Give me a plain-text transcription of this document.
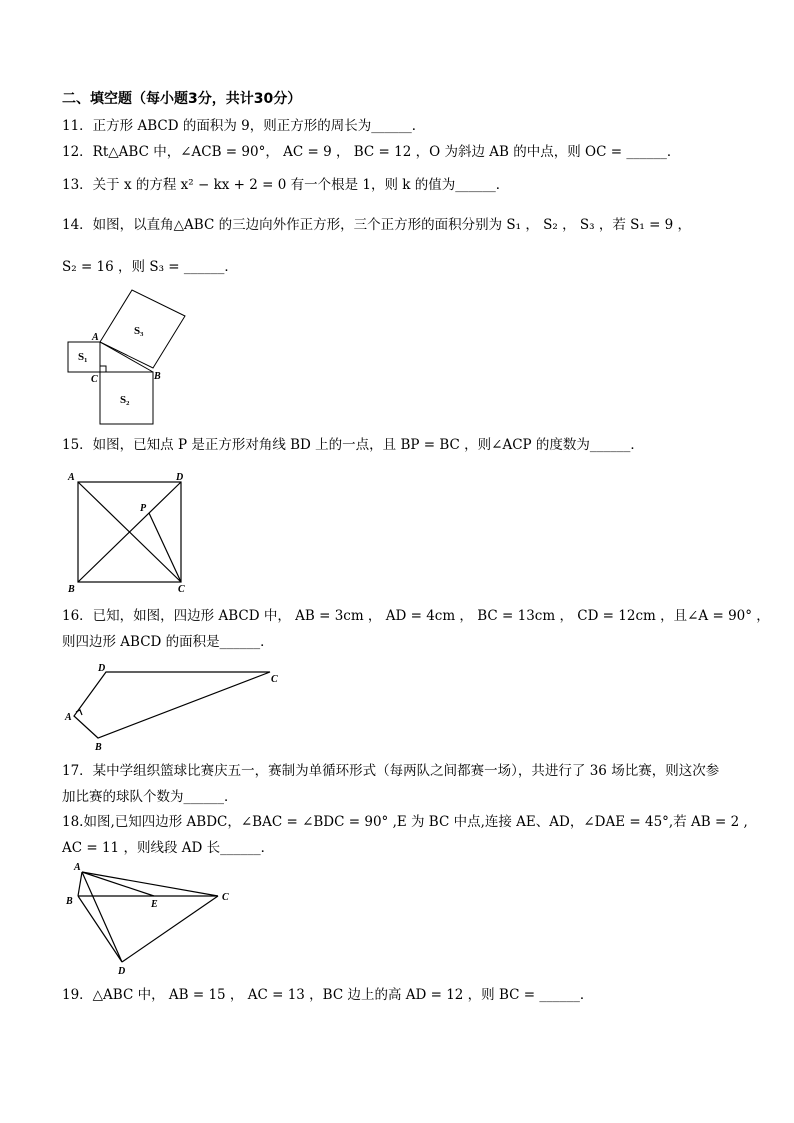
二、填空题（每小题3分，共计30分）
11．正方形 ABCD 的面积为 9，则正方形的周长为______．
12．Rt△ABC 中，∠ACB = 90°， AC = 9 ， BC = 12 ，O 为斜边 AB 的中点，则 OC = ______．
13．关于 x 的方程 x² − kx + 2 = 0 有一个根是 1，则 k 的值为______．
14．如图，以直角△ABC 的三边向外作正方形，三个正方形的面积分别为 S₁ ， S₂ ， S₃ ，若 S₁ = 9 ，
S₂ = 16 ，则 S₃ = ______．
S₃
S₁
S₂
A
C	B
15．如图，已知点 P 是正方形对角线 BD 上的一点，且 BP = BC ，则∠ACP 的度数为______．
A	D
P
B	C
16．已知，如图，四边形 ABCD 中， AB = 3cm ， AD = 4cm ， BC = 13cm ， CD = 12cm ，且∠A = 90° ，
则四边形 ABCD 的面积是______．
D
C
A
B
17．某中学组织篮球比赛庆五一，赛制为单循环形式（每两队之间都赛一场），共进行了 36 场比赛，则这次参
加比赛的球队个数为______．
18.如图,已知四边形 ABDC，∠BAC = ∠BDC = 90° ,E 为 BC 中点,连接 AE、AD，∠DAE = 45°,若 AB = 2 ,
AC = 11 ，则线段 AD 长______．
A
B	E
C
D
19．△ABC 中， AB = 15 ， AC = 13 ，BC 边上的高 AD = 12 ，则 BC = ______．
